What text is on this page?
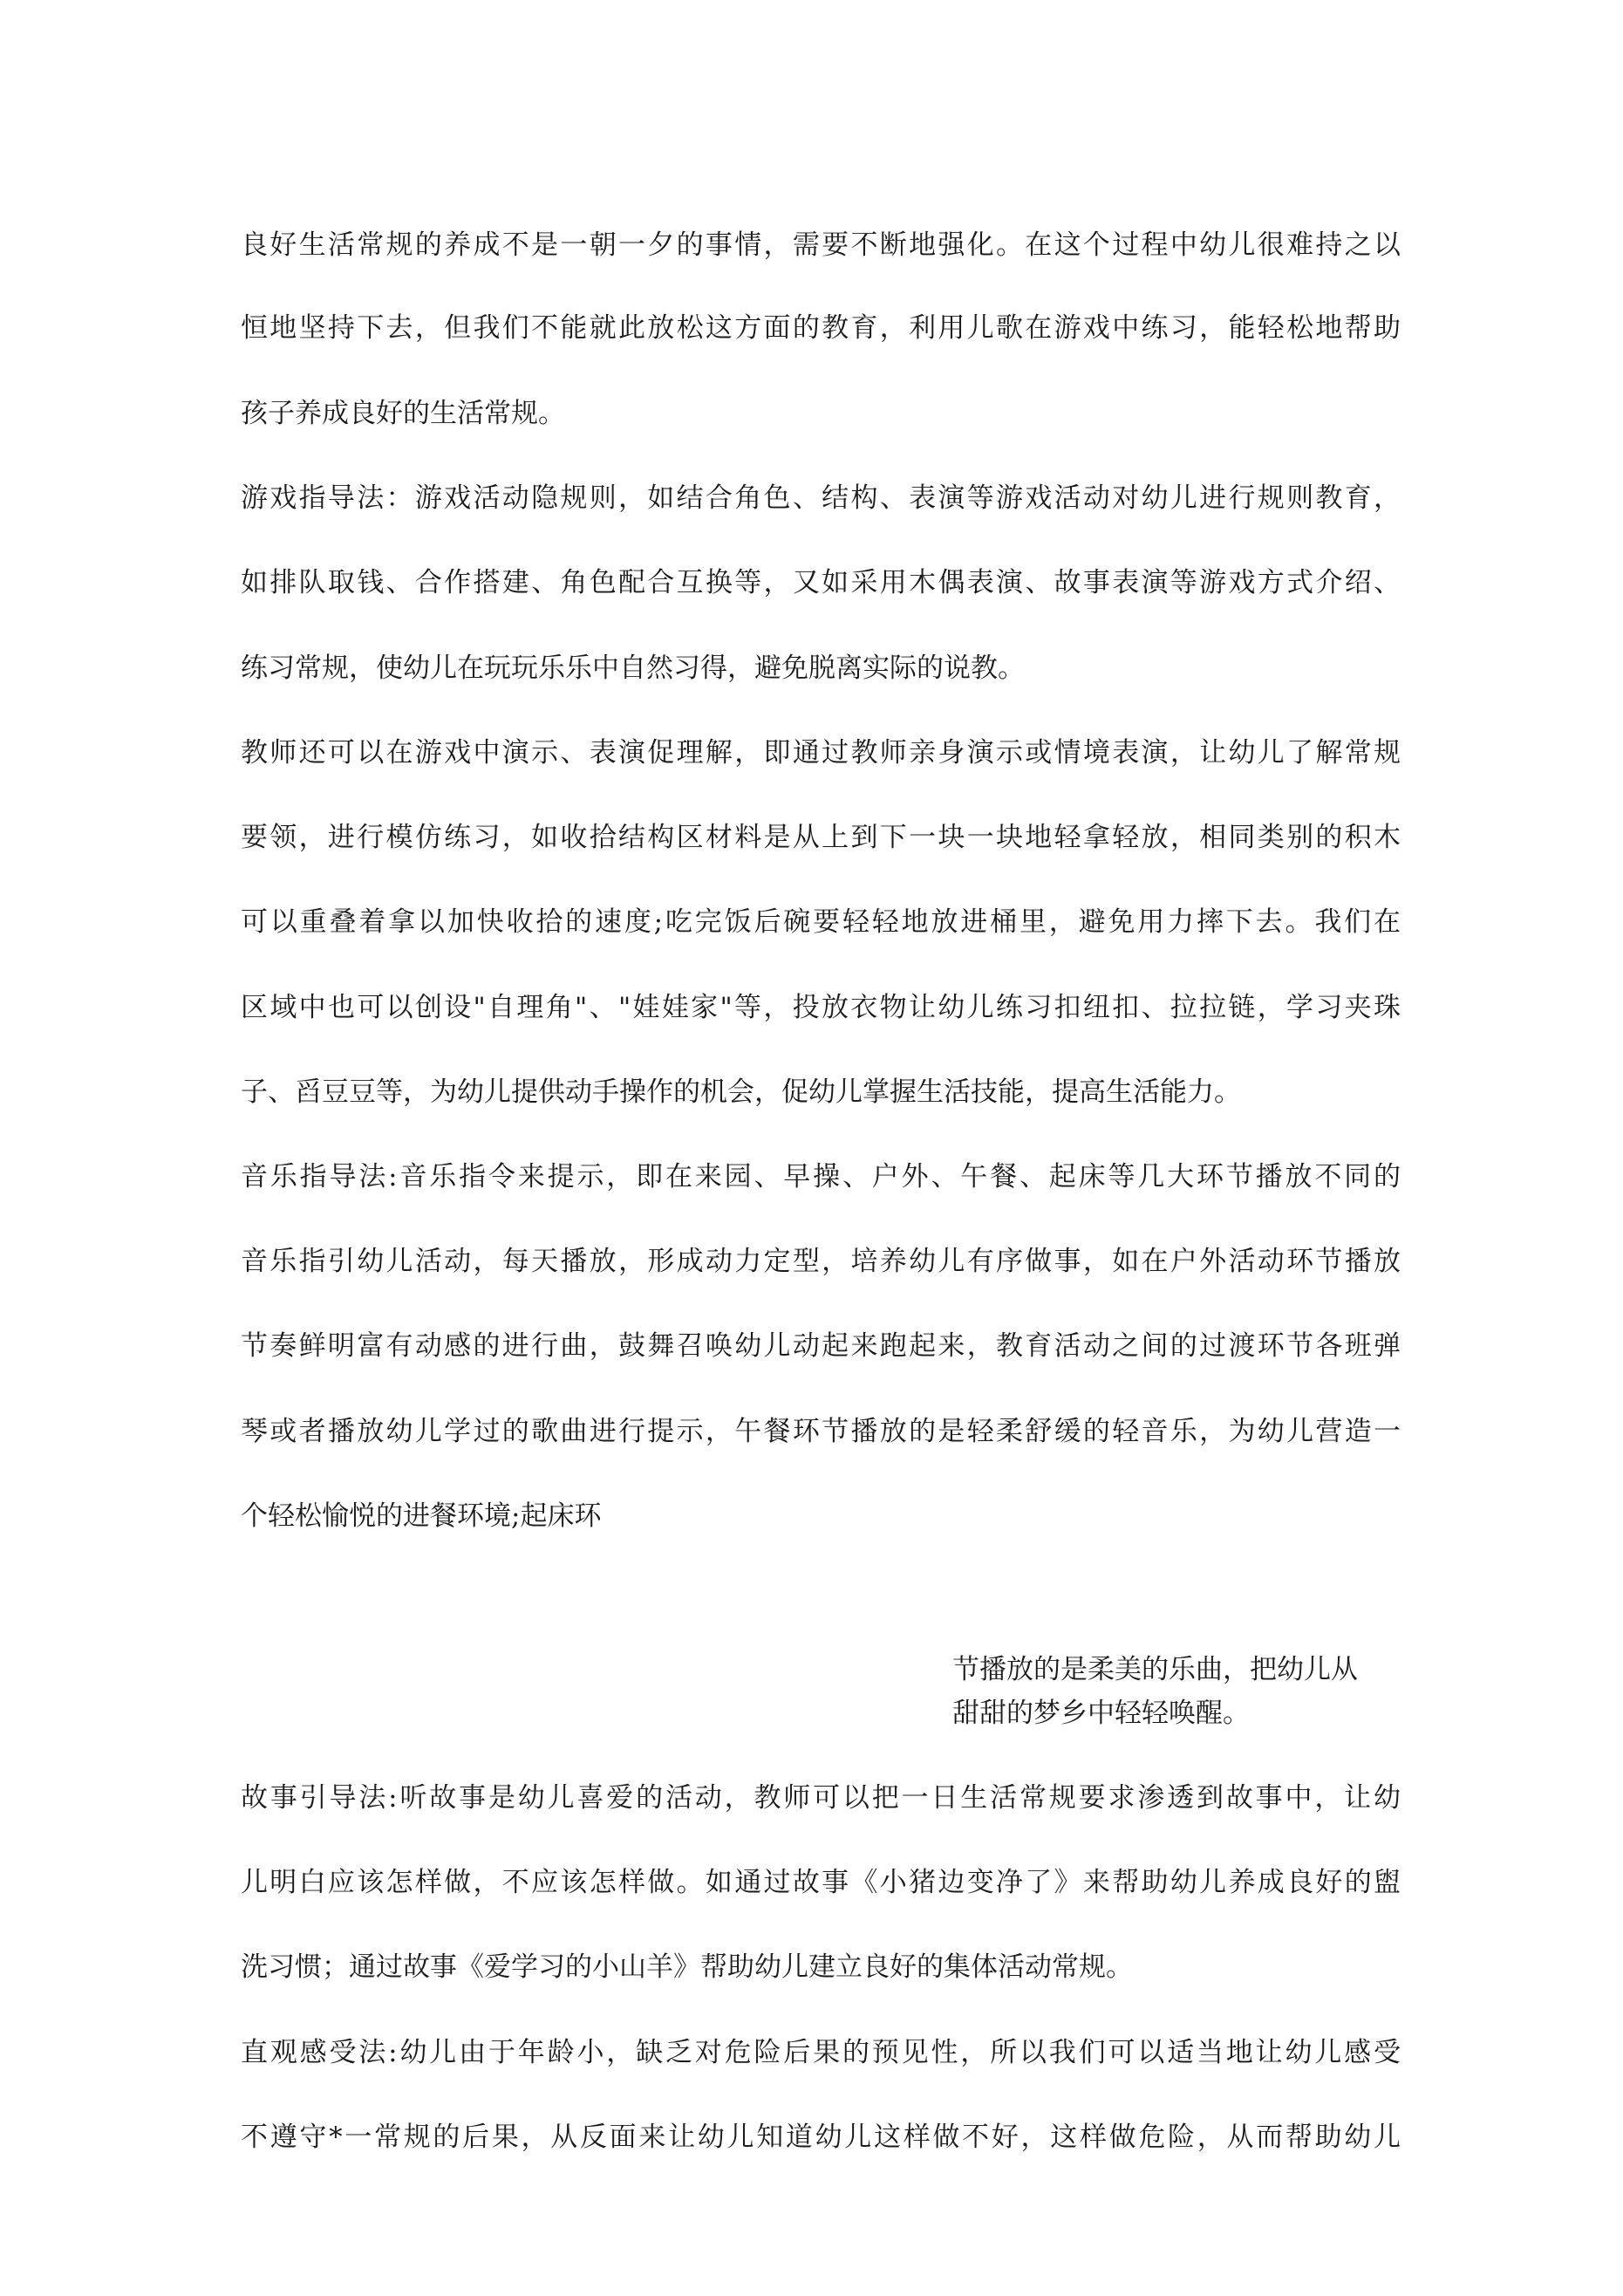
良好生活常规的养成不是一朝一夕的事情，需要不断地强化。在这个过程中幼儿很难持之以
恒地坚持下去，但我们不能就此放松这方面的教育，利用儿歌在游戏中练习，能轻松地帮助
孩子养成良好的生活常规。
游戏指导法：游戏活动隐规则，如结合角色、结构、表演等游戏活动对幼儿进行规则教育，
如排队取钱、合作搭建、角色配合互换等，又如采用木偶表演、故事表演等游戏方式介绍、
练习常规，使幼儿在玩玩乐乐中自然习得，避免脱离实际的说教。
教师还可以在游戏中演示、表演促理解，即通过教师亲身演示或情境表演，让幼儿了解常规
要领，进行模仿练习，如收拾结构区材料是从上到下一块一块地轻拿轻放，相同类别的积木
可以重叠着拿以加快收拾的速度;吃完饭后碗要轻轻地放进桶里，避免用力摔下去。我们在
区域中也可以创设"自理角"、"娃娃家"等，投放衣物让幼儿练习扣纽扣、拉拉链，学习夹珠
子、舀豆豆等，为幼儿提供动手操作的机会，促幼儿掌握生活技能，提高生活能力。
音乐指导法:音乐指令来提示，即在来园、早操、户外、午餐、起床等几大环节播放不同的
音乐指引幼儿活动，每天播放，形成动力定型，培养幼儿有序做事，如在户外活动环节播放
节奏鲜明富有动感的进行曲，鼓舞召唤幼儿动起来跑起来，教育活动之间的过渡环节各班弹
琴或者播放幼儿学过的歌曲进行提示，午餐环节播放的是轻柔舒缓的轻音乐，为幼儿营造一
个轻松愉悦的进餐环境;起床环
节播放的是柔美的乐曲，把幼儿从
甜甜的梦乡中轻轻唤醒。
故事引导法:听故事是幼儿喜爱的活动，教师可以把一日生活常规要求渗透到故事中，让幼
儿明白应该怎样做，不应该怎样做。如通过故事《小猪边变净了》来帮助幼儿养成良好的盥
洗习惯；通过故事《爱学习的小山羊》帮助幼儿建立良好的集体活动常规。
直观感受法:幼儿由于年龄小，缺乏对危险后果的预见性，所以我们可以适当地让幼儿感受
不遵守*一常规的后果，从反面来让幼儿知道幼儿这样做不好，这样做危险，从而帮助幼儿
